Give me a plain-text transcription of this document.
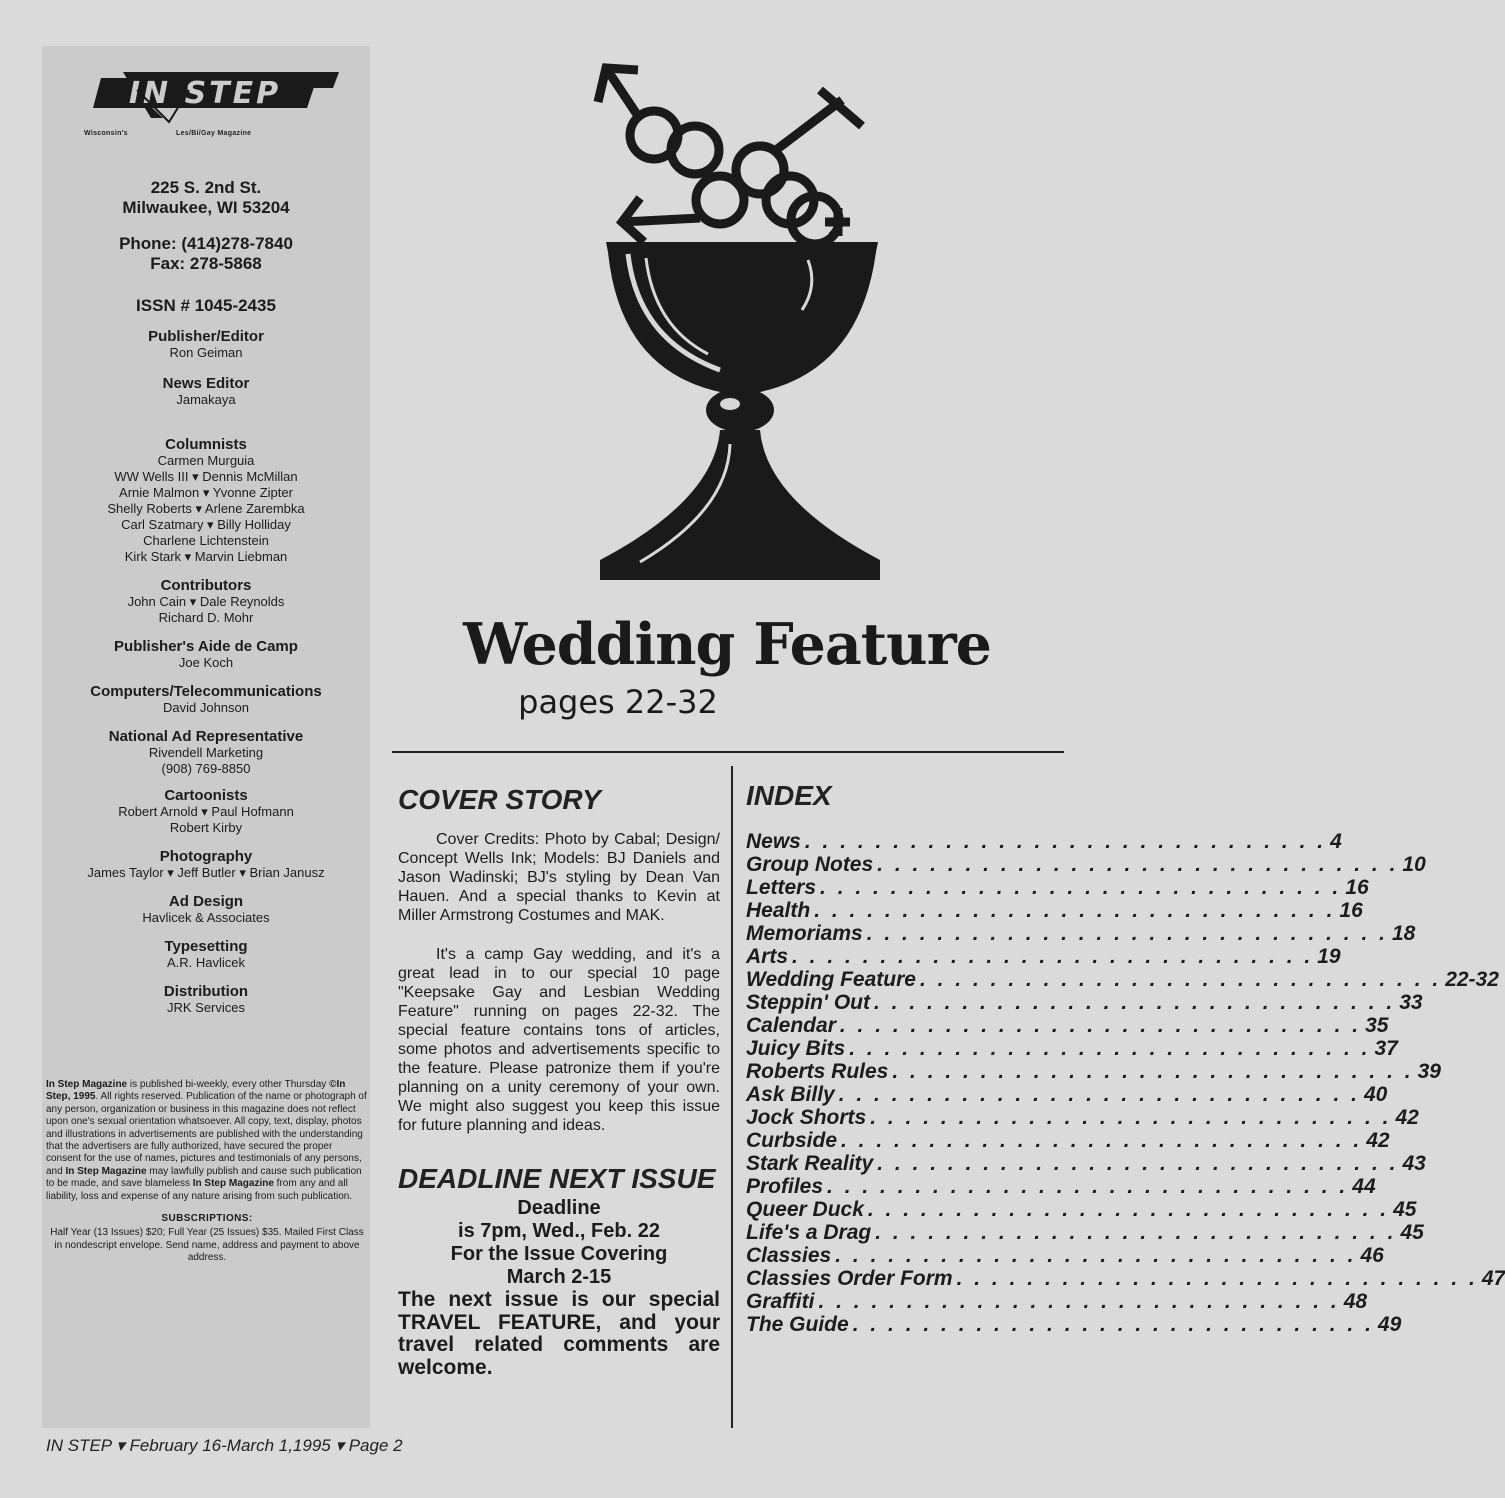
IN STEP
Wisconsin's	Les/Bi/Gay Magazine
225 S. 2nd St.
Milwaukee, WI 53204
Phone: (414)278-7840
Fax: 278-5868
ISSN # 1045-2435
Publisher/Editor
Ron Geiman
News Editor
Jamakaya
Columnists
Carmen Murguia
WW Wells III ▾ Dennis McMillan
Arnie Malmon ▾ Yvonne Zipter
Shelly Roberts ▾ Arlene Zarembka
Carl Szatmary ▾ Billy Holliday
Charlene Lichtenstein
Kirk Stark ▾ Marvin Liebman
Contributors
John Cain ▾ Dale Reynolds
Richard D. Mohr
Publisher's Aide de Camp
Joe Koch
Computers/Telecommunications
David Johnson
National Ad Representative
Rivendell Marketing
(908) 769-8850
Cartoonists
Robert Arnold ▾ Paul Hofmann
Robert Kirby
Photography
James Taylor ▾ Jeff Butler ▾ Brian Janusz
Ad Design
Havlicek & Associates
Typesetting
A.R. Havlicek
Distribution
JRK Services
In Step Magazine is published bi-weekly, every other Thursday ©In Step, 1995. All rights reserved. Publication of the name or photograph of any person, organization or business in this magazine does not reflect upon one's sexual orientation whatsoever. All copy, text, display, photos and illustrations in advertisements are published with the understanding that the advertisers are fully authorized, have secured the proper consent for the use of names, pictures and testimonials of any persons, and In Step Magazine may lawfully publish and cause such publication to be made, and save blameless In Step Magazine from any and all liability, loss and expense of any nature arising from such publication.
SUBSCRIPTIONS:
Half Year (13 Issues) $20; Full Year (25 Issues) $35. Mailed First Class in nondescript envelope. Send name, address and payment to above address.
Wedding Feature
pages 22-32
COVER STORY

Cover Credits: Photo by Cabal; Design/ Concept Wells Ink; Models: BJ Daniels and Jason Wadinski; BJ's styling by Dean Van Hauen. And a special thanks to Kevin at Miller Armstrong Costumes and MAK.

It's a camp Gay wedding, and it's a great lead in to our special 10 page "Keepsake Gay and Lesbian Wedding Feature" running on pages 22-32. The special feature contains tons of articles, some photos and advertisements specific to the feature. Please patronize them if you're planning on a unity ceremony of your own. We might also suggest you keep this issue for future planning and ideas.

DEADLINE NEXT ISSUE
Deadline
is 7pm, Wed., Feb. 22
For the Issue Covering
March 2-15
The next issue is our special TRAVEL FEATURE, and your travel related comments are welcome.
INDEX
News . . . . . . . . . . . . . . . . . . . . . . . . . . . . . . 4
Group Notes . . . . . . . . . . . . . . . . . . . . . . . . . . . . . . 10
Letters . . . . . . . . . . . . . . . . . . . . . . . . . . . . . . 16
Health . . . . . . . . . . . . . . . . . . . . . . . . . . . . . . 16
Memoriams . . . . . . . . . . . . . . . . . . . . . . . . . . . . . . 18
Arts . . . . . . . . . . . . . . . . . . . . . . . . . . . . . . 19
Wedding Feature . . . . . . . . . . . . . . . . . . . . . . . . . . . . . . 22-32
Steppin' Out . . . . . . . . . . . . . . . . . . . . . . . . . . . . . . 33
Calendar . . . . . . . . . . . . . . . . . . . . . . . . . . . . . . 35
Juicy Bits . . . . . . . . . . . . . . . . . . . . . . . . . . . . . . 37
Roberts Rules . . . . . . . . . . . . . . . . . . . . . . . . . . . . . . 39
Ask Billy . . . . . . . . . . . . . . . . . . . . . . . . . . . . . . 40
Jock Shorts . . . . . . . . . . . . . . . . . . . . . . . . . . . . . . 42
Curbside . . . . . . . . . . . . . . . . . . . . . . . . . . . . . . 42
Stark Reality . . . . . . . . . . . . . . . . . . . . . . . . . . . . . . 43
Profiles . . . . . . . . . . . . . . . . . . . . . . . . . . . . . . 44
Queer Duck . . . . . . . . . . . . . . . . . . . . . . . . . . . . . . 45
Life's a Drag . . . . . . . . . . . . . . . . . . . . . . . . . . . . . . 45
Classies . . . . . . . . . . . . . . . . . . . . . . . . . . . . . . 46
Classies Order Form . . . . . . . . . . . . . . . . . . . . . . . . . . . . . . 47
Graffiti . . . . . . . . . . . . . . . . . . . . . . . . . . . . . . 48
The Guide . . . . . . . . . . . . . . . . . . . . . . . . . . . . . . 49
IN STEP ▾ February 16-March 1,1995 ▾ Page 2
